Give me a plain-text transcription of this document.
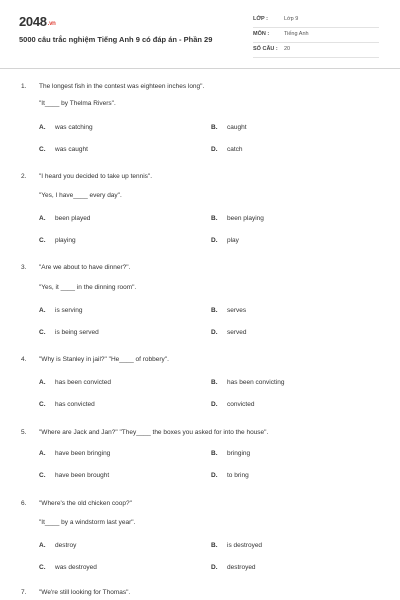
2048.vn
5000 câu trắc nghiệm Tiếng Anh 9 có đáp án - Phần 29
LỚP :	Lớp 9
MÔN :	Tiếng Anh
SỐ CÂU : 20
1. The longest fish in the contest was eighteen inches long".
"It____ by Thelma Rivers".
A. was catching	B. caught
C. was caught	D. catch
2. "I heard you decided to take up tennis".
"Yes, I have____ every day".
A. been played	B. been playing
C. playing	D. play
3. "Are we about to have dinner?".
"Yes, it ____ in the dinning room".
A. is serving	B. serves
C. is being served	D. served
4. "Why is Stanley in jail?" "He____ of robbery".
A. has been convicted	B. has been convicting
C. has convicted	D. convicted
5. "Where are Jack and Jan?" "They____ the boxes you asked for into the house".
A. have been bringing	B. bringing
C. have been brought	D. to bring
6. "Where's the old chicken coop?"
"It____ by a windstorm last year".
A. destroy	B. is destroyed
C. was destroyed	D. destroyed
7. "We're still looking for Thomas".
